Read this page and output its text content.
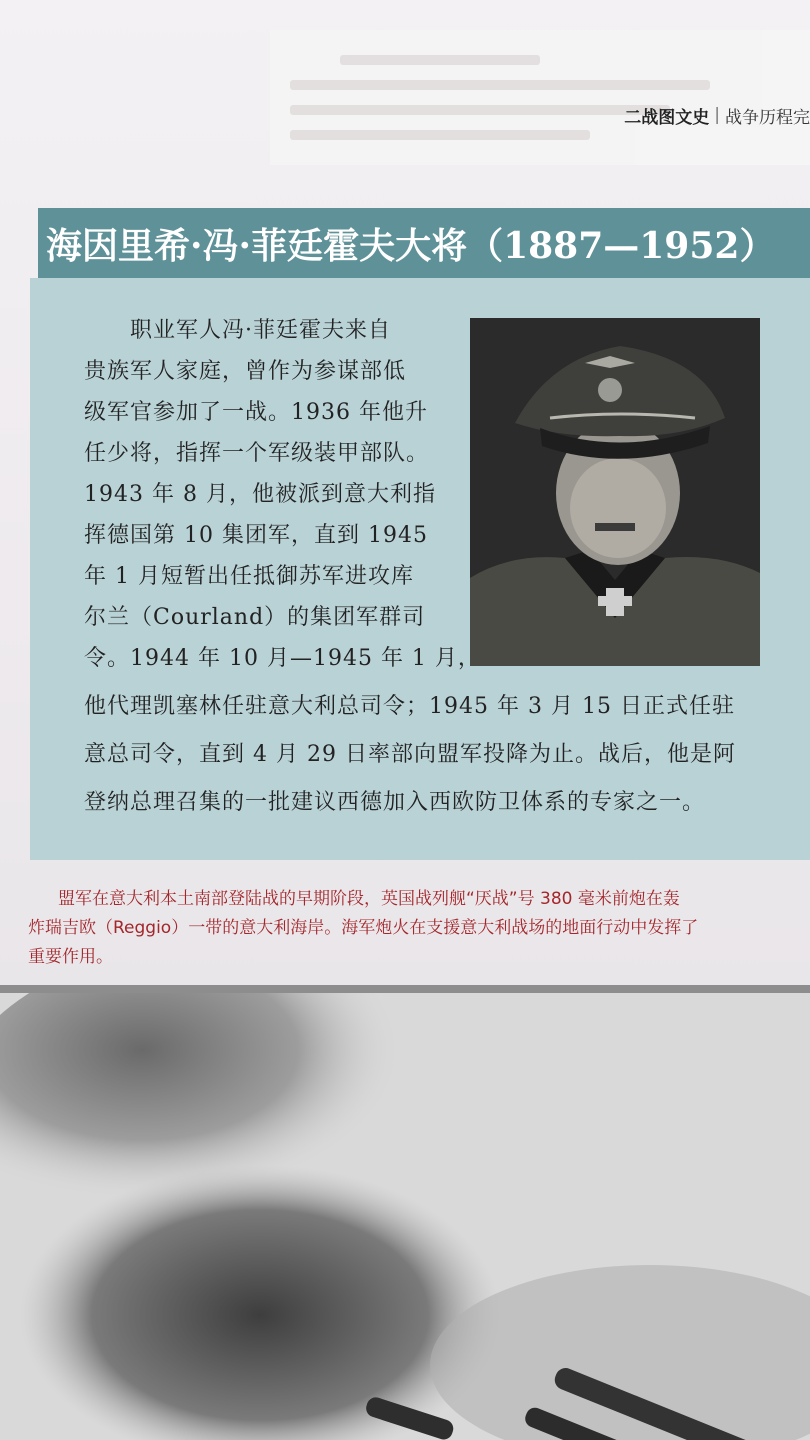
二战图文史 | 战争历程完
海因里希·冯·菲廷霍夫大将（1887—1952）
职业军人冯·菲廷霍夫来自
贵族军人家庭，曾作为参谋部低
级军官参加了一战。1936 年他升
任少将，指挥一个军级装甲部队。
1943 年 8 月，他被派到意大利指
挥德国第 10 集团军，直到 1945
年 1 月短暂出任抵御苏军进攻库
尔兰（Courland）的集团军群司
令。1944 年 10 月—1945 年 1 月，
他代理凯塞林任驻意大利总司令；1945 年 3 月 15 日正式任驻
意总司令，直到 4 月 29 日率部向盟军投降为止。战后，他是阿
登纳总理召集的一批建议西德加入西欧防卫体系的专家之一。
盟军在意大利本土南部登陆战的早期阶段，英国战列舰“厌战”号 380 毫米前炮在轰
炸瑞吉欧（Reggio）一带的意大利海岸。海军炮火在支援意大利战场的地面行动中发挥了
重要作用。
